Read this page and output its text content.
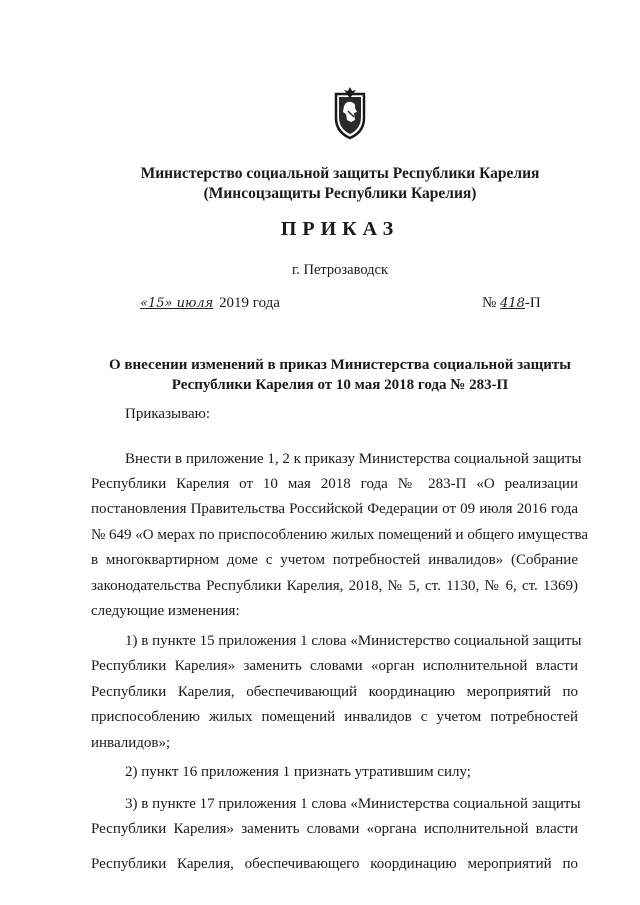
Министерство социальной защиты Республики Карелия
(Минсоцзащиты Республики Карелия)
ПРИКАЗ
г. Петрозаводск
«15» июля 2019 года	№ 418-П
О внесении изменений в приказ Министерства социальной защиты
Республики Карелия от 10 мая 2018 года № 283-П
Приказываю:
Внести в приложение 1, 2 к приказу Министерства социальной защиты
Республики Карелия от 10 мая 2018 года № 283-П «О реализации
постановления Правительства Российской Федерации от 09 июля 2016 года
№ 649 «О мерах по приспособлению жилых помещений и общего имущества
в многоквартирном доме с учетом потребностей инвалидов» (Собрание
законодательства Республики Карелия, 2018, № 5, ст. 1130, № 6, ст. 1369)
следующие изменения:
1) в пункте 15 приложения 1 слова «Министерство социальной защиты
Республики Карелия» заменить словами «орган исполнительной власти
Республики Карелия, обеспечивающий координацию мероприятий по
приспособлению жилых помещений инвалидов с учетом потребностей
инвалидов»;
2) пункт 16 приложения 1 признать утратившим силу;
3) в пункте 17 приложения 1 слова «Министерства социальной защиты
Республики Карелия» заменить словами «органа исполнительной власти
Республики Карелия, обеспечивающего координацию мероприятий по
